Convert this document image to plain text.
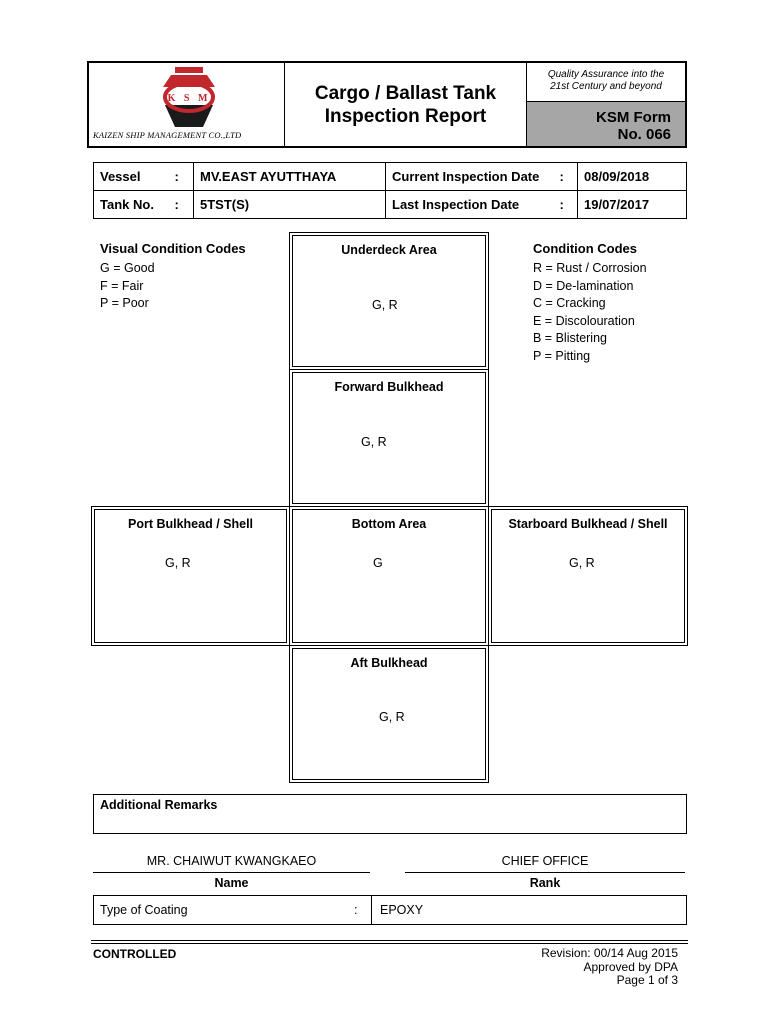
K S M
KAIZEN SHIP MANAGEMENT CO.,LTD
Cargo / Ballast Tank
Inspection Report
Quality Assurance into the
21st Century and beyond
KSM Form
No. 066
Vessel	:	MV.EAST AYUTTHAYA	Current Inspection Date	:	08/09/2018
Tank No.	:	5TST(S)	Last Inspection Date	:	19/07/2017
Visual Condition Codes
G = Good
F = Fair
P = Poor
Condition Codes
R = Rust / Corrosion
D = De-lamination
C = Cracking
E = Discolouration
B = Blistering
P = Pitting
Underdeck Area
G, R
Forward Bulkhead
G, R
Port Bulkhead / Shell
G, R
Bottom Area
G
Starboard Bulkhead / Shell
G, R
Aft Bulkhead
G, R
Additional Remarks
MR. CHAIWUT KWANGKAEO
Name
CHIEF OFFICE
Rank
Type of Coating	: EPOXY
CONTROLLED	Revision: 00/14 Aug 2015
Approved by DPA
Page 1 of 3
